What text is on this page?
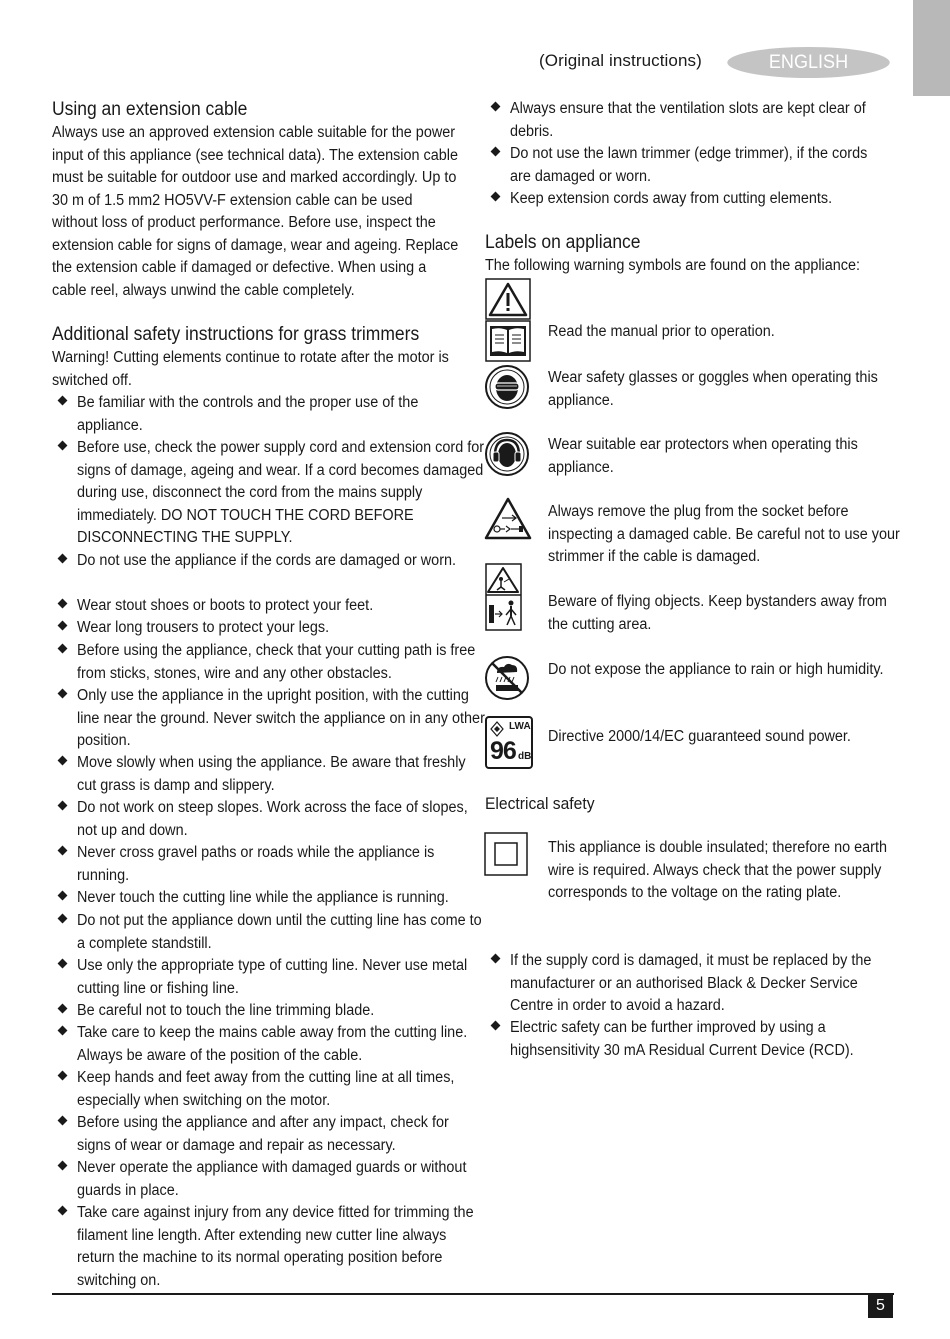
(Original instructions)	ENGLISH
Using an extension cable
Always use an approved extension cable suitable for the power input of this appliance (see technical data). The extension cable must be suitable for outdoor use and marked accordingly. Up to 30 m of 1.5 mm2 HO5VV-F extension cable can be used without loss of product performance. Before use, inspect the extension cable for signs of damage, wear and ageing. Replace the extension cable if damaged or defective. When using a cable reel, always unwind the cable completely.
Additional safety instructions for grass trimmers
Warning! Cutting elements continue to rotate after the motor is switched off.
Be familiar with the controls and the proper use of the appliance.
Before use, check the power supply cord and extension cord for signs of damage, ageing and wear. If a cord becomes damaged during use, disconnect the cord from the mains supply immediately. DO NOT TOUCH THE CORD BEFORE DISCONNECTING THE SUPPLY.
Do not use the appliance if the cords are damaged or worn.
Wear stout shoes or boots to protect your feet.
Wear long trousers to protect your legs.
Before using the appliance, check that your cutting path is free from sticks, stones, wire and any other obstacles.
Only use the appliance in the upright position, with the cutting line near the ground. Never switch the appliance on in any other position.
Move slowly when using the appliance. Be aware that freshly cut grass is damp and slippery.
Do not work on steep slopes. Work across the face of slopes, not up and down.
Never cross gravel paths or roads while the appliance is running.
Never touch the cutting line while the appliance is running.
Do not put the appliance down until the cutting line has come to a complete standstill.
Use only the appropriate type of cutting line. Never use metal cutting line or fishing line.
Be careful not to touch the line trimming blade.
Take care to keep the mains cable away from the cutting line. Always be aware of the position of the cable.
Keep hands and feet away from the cutting line at all times, especially when switching on the motor.
Before using the appliance and after any impact, check for signs of wear or damage and repair as necessary.
Never operate the appliance with damaged guards or without guards in place.
Take care against injury from any device fitted for trimming the filament line length. After extending new cutter line always return the machine to its normal operating position before switching on.
Always ensure that the ventilation slots are kept clear of debris.
Do not use the lawn trimmer (edge trimmer), if the cords are damaged or worn.
Keep extension cords away from cutting elements.
Labels on appliance
The following warning symbols are found on the appliance:
Read the manual prior to operation.
Wear safety glasses or goggles when operating this appliance.
Wear suitable ear protectors when operating this appliance.
Always remove the plug from the socket before inspecting a damaged cable. Be careful not to use your strimmer if the cable is damaged.
Beware of flying objects. Keep bystanders away from the cutting area.
Do not expose the appliance to rain or high humidity.
LWA
96 dB
Directive 2000/14/EC guaranteed sound power.
Electrical safety
This appliance is double insulated; therefore no earth wire is required. Always check that the power supply corresponds to the voltage on the rating plate.
If the supply cord is damaged, it must be replaced by the manufacturer or an authorised Black & Decker Service Centre in order to avoid a hazard.
Electric safety can be further improved by using a highsensitivity 30 mA Residual Current Device (RCD).
5
